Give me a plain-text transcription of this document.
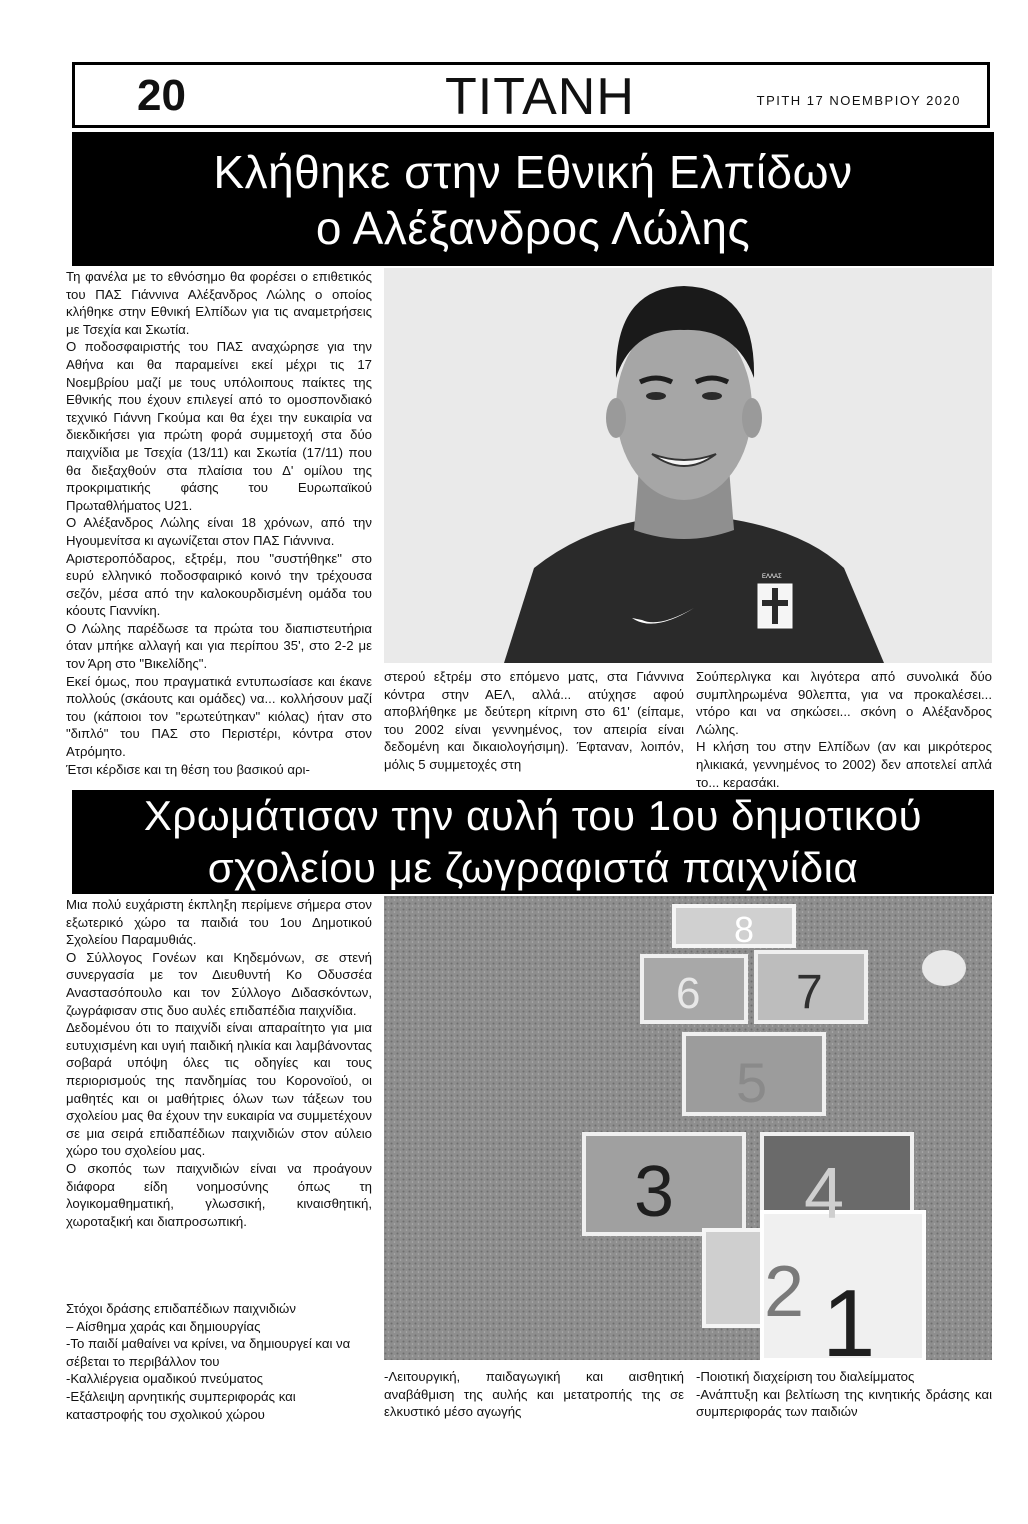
20	ΤΙΤΑΝΗ	ΤΡΙΤΗ 17 ΝΟΕΜΒΡΙΟΥ 2020
Κλήθηκε στην Εθνική Ελπίδων
ο Αλέξανδρος Λώλης

Τη φανέλα με το εθνόσημο θα φορέσει ο επιθετικός του ΠΑΣ Γιάννινα Αλέξανδρος Λώλης ο οποίος κλήθηκε στην Εθνική Ελπίδων για τις αναμετρήσεις με Τσεχία και Σκωτία.

Ο ποδοσφαιριστής του ΠΑΣ αναχώρησε για την Αθήνα και θα παραμείνει εκεί μέχρι τις 17 Νοεμβρίου μαζί με τους υπόλοιπους παίκτες της Εθνικής που έχουν επιλεγεί από το ομοσπονδιακό τεχνικό Γιάννη Γκούμα και θα έχει την ευκαιρία να διεκδικήσει για πρώτη φορά συμμετοχή στα δύο παιχνίδια με Τσεχία (13/11) και Σκωτία (17/11) που θα διεξαχθούν στα πλαίσια του Δ' ομίλου της προκριματικής φάσης του Ευρωπαϊκού Πρωταθλήματος U21.

Ο Αλέξανδρος Λώλης είναι 18 χρόνων, από την Ηγουμενίτσα κι αγωνίζεται στον ΠΑΣ Γιάννινα.

Αριστεροπόδαρος, εξτρέμ, που "συστήθηκε" στο ευρύ ελληνικό ποδοσφαιρικό κοινό την τρέχουσα σεζόν, μέσα από την καλοκουρδισμένη ομάδα του κόουτς Γιαννίκη.

Ο Λώλης παρέδωσε τα πρώτα του διαπιστευτήρια όταν μπήκε αλλαγή και για περίπου 35', στο 2-2 με τον Άρη στο "Βικελίδης".

Εκεί όμως, που πραγματικά εντυπωσίασε και έκανε πολλούς (σκάουτς και ομάδες) να... κολλήσουν μαζί του (κάποιοι τον "ερωτεύτηκαν" κιόλας) ήταν στο "διπλό" του ΠΑΣ στο Περιστέρι, κόντρα στον Ατρόμητο.

Έτσι κέρδισε και τη θέση του βασικού αρι-

ΕΛΛΑΣ

στερού εξτρέμ στο επόμενο ματς, στα Γιάννινα κόντρα στην ΑΕΛ, αλλά... ατύχησε αφού αποβλήθηκε με δεύτερη κίτρινη στο 61' (είπαμε, του 2002 είναι γεννημένος, τον απειρία είναι δεδομένη και δικαιολογήσιμη). Έφταναν, λοιπόν, μόλις 5 συμμετοχές στη

Σούπερλιγκα και λιγότερα από συνολικά δύο συμπληρωμένα 90λεπτα, για να προκαλέσει... ντόρο και να σηκώσει... σκόνη ο Αλέξανδρος Λώλης.

Η κλήση του στην Ελπίδων (αν και μικρότερος ηλικιακά, γεννημένος το 2002) δεν αποτελεί απλά το... κερασάκι.

Χρωμάτισαν την αυλή του 1ου δημοτικού
σχολείου με ζωγραφιστά παιχνίδια

Μια πολύ ευχάριστη έκπληξη περίμενε σήμερα στον εξωτερικό χώρο τα παιδιά του 1ου Δημοτικού Σχολείου Παραμυθιάς.

Ο Σύλλογος Γονέων και Κηδεμόνων, σε στενή συνεργασία με τον Διευθυντή Κο Οδυσσέα Αναστασόπουλο και τον Σύλλογο Διδασκόντων, ζωγράφισαν στις δυο αυλές επιδαπέδια παιχνίδια.

Δεδομένου ότι το παιχνίδι είναι απαραίτητο για μια ευτυχισμένη και υγιή παιδική ηλικία και λαμβάνοντας σοβαρά υπόψη όλες τις οδηγίες και τους περιορισμούς της πανδημίας του Κορονοϊού, οι μαθητές και οι μαθήτριες όλων των τάξεων του σχολείου μας θα έχουν την ευκαιρία να συμμετέχουν σε μια σειρά επιδαπέδιων παιχνιδιών στον αύλειο χώρο του σχολείου μας.

Ο σκοπός των παιχνιδιών είναι να προάγουν διάφορα είδη νοημοσύνης όπως τη λογικομαθηματική, γλωσσική, κιναισθητική, χωροταξική και διαπροσωπική.

Στόχοι δράσης επιδαπέδιων παιχνιδιών

– Αίσθημα χαράς και δημιουργίας

-Το παιδί μαθαίνει να κρίνει, να δημιουργεί και να σέβεται το περιβάλλον του

-Καλλιέργεια ομαδικού πνεύματος

-Εξάλειψη αρνητικής συμπεριφοράς και καταστροφής του σχολικού χώρου

8
6 7
5
3 4
2 1

-Λειτουργική, παιδαγωγική και αισθητική αναβάθμιση της αυλής και μετατροπής της σε ελκυστικό μέσο αγωγής

-Ποιοτική διαχείριση του διαλείμματος

-Ανάπτυξη και βελτίωση της κινητικής δράσης και συμπεριφοράς των παιδιών
